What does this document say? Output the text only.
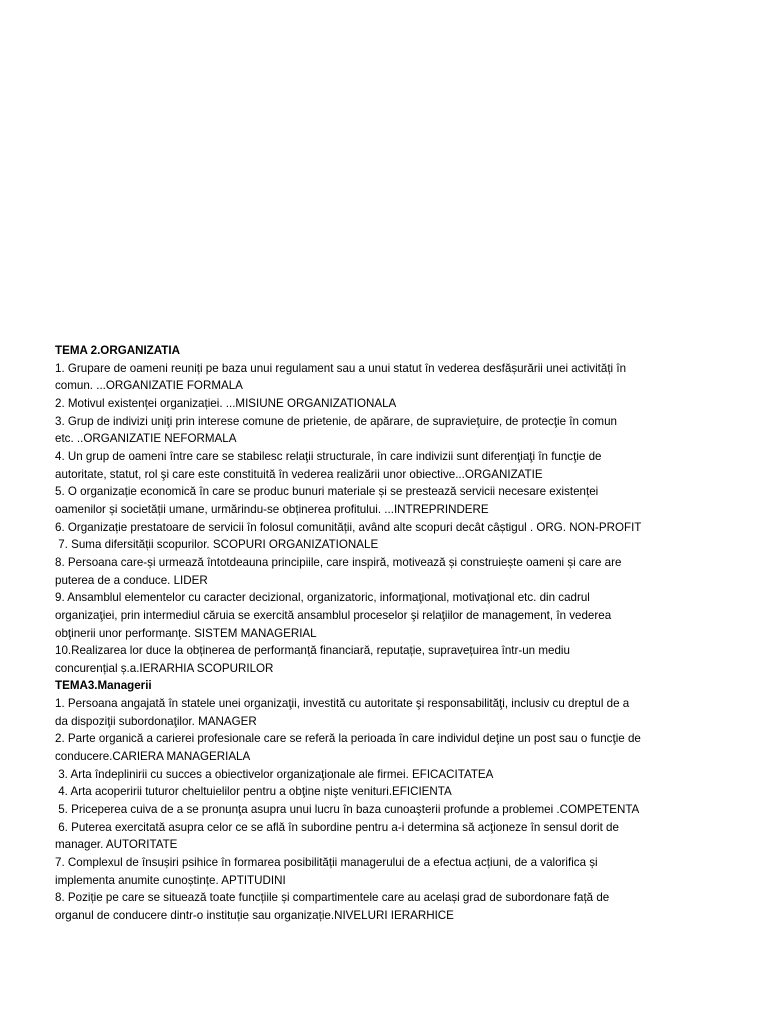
TEMA 2.ORGANIZATIA
1. Grupare de oameni reuniți pe baza unui regulament sau a unui statut în vederea desfășurării unei activități în
comun. ...ORGANIZATIE FORMALA
2. Motivul existenței organizației. ...MISIUNE ORGANIZATIONALA
3. Grup de indivizi uniţi prin interese comune de prietenie, de apărare, de supravieţuire, de protecţie în comun
etc. ..ORGANIZATIE NEFORMALA
4. Un grup de oameni între care se stabilesc relaţii structurale, în care indivizii sunt diferenţiaţi în funcţie de
autoritate, statut, rol şi care este constituită în vederea realizării unor obiective...ORGANIZATIE
5. O organizație economică în care se produc bunuri materiale și se prestează servicii necesare existenței
oamenilor și societății umane, urmărindu-se obținerea profitului. ...INTREPRINDERE
6. Organizație prestatoare de servicii în folosul comunității, având alte scopuri decât câștigul . ORG. NON-PROFIT
7. Suma difersității scopurilor. SCOPURI ORGANIZATIONALE
8. Persoana care-și urmează întotdeauna principiile, care inspiră, motivează și construiește oameni și care are
puterea de a conduce. LIDER
9. Ansamblul elementelor cu caracter decizional, organizatoric, informaţional, motivaţional etc. din cadrul
organizaţiei, prin intermediul căruia se exercită ansamblul proceselor şi relaţiilor de management, în vederea
obţinerii unor performanţe. SISTEM MANAGERIAL
10.Realizarea lor duce la obținerea de performanță financiară, reputație, supravețuirea într-un mediu
concurențial ș.a.IERARHIA SCOPURILOR
TEMA3.Managerii
1. Persoana angajată în statele unei organizaţii, investită cu autoritate şi responsabilităţi, inclusiv cu dreptul de a
da dispoziţii subordonaţilor. MANAGER
2. Parte organică a carierei profesionale care se referă la perioada în care individul deţine un post sau o funcţie de
conducere.CARIERA MANAGERIALA
3. Arta îndeplinirii cu succes a obiectivelor organizaţionale ale firmei. EFICACITATEA
4. Arta acoperirii tuturor cheltuielilor pentru a obţine nişte venituri.EFICIENTA
5. Priceperea cuiva de a se pronunţa asupra unui lucru în baza cunoaşterii profunde a problemei .COMPETENTA
6. Puterea exercitată asupra celor ce se află în subordine pentru a-i determina să acţioneze în sensul dorit de
manager. AUTORITATE
7. Complexul de însușiri psihice în formarea posibilității managerului de a efectua acțiuni, de a valorifica și
implementa anumite cunoștințe. APTITUDINI
8. Poziție pe care se situează toate funcțiile și compartimentele care au același grad de subordonare față de
organul de conducere dintr-o instituție sau organizație.NIVELURI IERARHICE
